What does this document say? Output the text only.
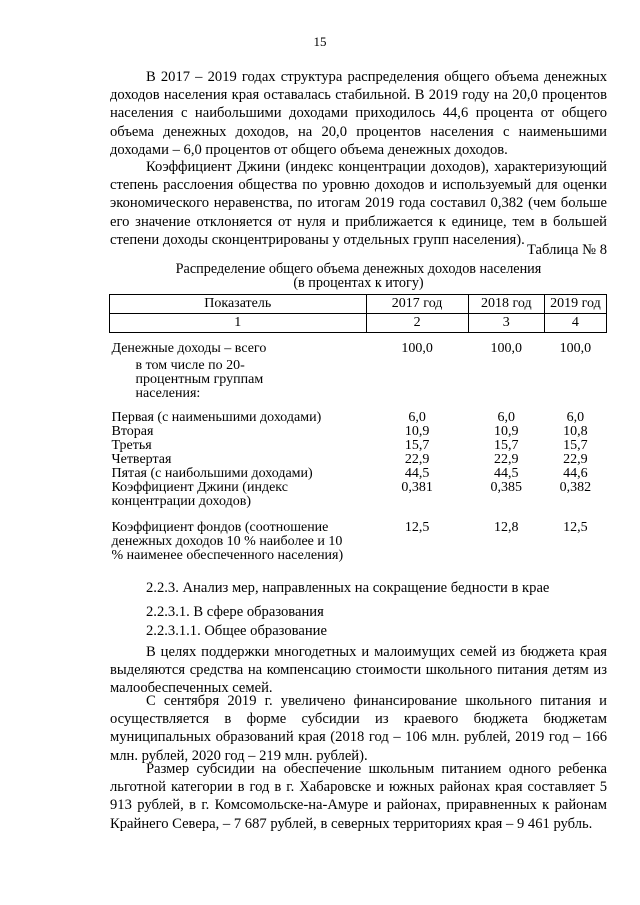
15

В 2017 – 2019 годах структура распределения общего объема денежных доходов населения края оставалась стабильной. В 2019 году на 20,0 процентов населения с наибольшими доходами приходилось 44,6 процента от общего объема денежных доходов, на 20,0 процентов населения с наименьшими доходами – 6,0 процентов от общего объема денежных доходов.

Коэффициент Джини (индекс концентрации доходов), характеризующий степень расслоения общества по уровню доходов и используемый для оценки экономического неравенства, по итогам 2019 года составил 0,382 (чем больше его значение отклоняется от нуля и приближается к единице, тем в большей степени доходы сконцентрированы у отдельных групп населения).

Таблица № 8
Распределение общего объема денежных доходов населения
(в процентах к итогу)
Показатель	2017 год	2018 год	2019 год
1	2	3	4
Денежные доходы – всего	100,0	100,0	100,0
в том числе по 20-процентным группам населения:			
Первая (с наименьшими доходами)	6,0	6,0	6,0
Вторая	10,9	10,9	10,8
Третья	15,7	15,7	15,7
Четвертая	22,9	22,9	22,9
Пятая (с наибольшими доходами)	44,5	44,5	44,6
Коэффициент Джини (индекс концентрации доходов)	0,381	0,385	0,382
Коэффициент фондов (соотношение денежных доходов 10 % наиболее и 10 % наименее обеспеченного населения)	12,5	12,8	12,5
2.2.3. Анализ мер, направленных на сокращение бедности в крае
2.2.3.1. В сфере образования
2.2.3.1.1. Общее образование

В целях поддержки многодетных и малоимущих семей из бюджета края выделяются средства на компенсацию стоимости школьного питания детям из малообеспеченных семей.

С сентября 2019 г. увеличено финансирование школьного питания и осуществляется в форме субсидии из краевого бюджета бюджетам муниципальных образований края (2018 год – 106 млн. рублей, 2019 год – 166 млн. рублей, 2020 год – 219 млн. рублей).

Размер субсидии на обеспечение школьным питанием одного ребенка льготной категории в год в г. Хабаровске и южных районах края составляет 5 913 рублей, в г. Комсомольске-на-Амуре и районах, приравненных к районам Крайнего Севера, – 7 687 рублей, в северных территориях края – 9 461 рубль.
